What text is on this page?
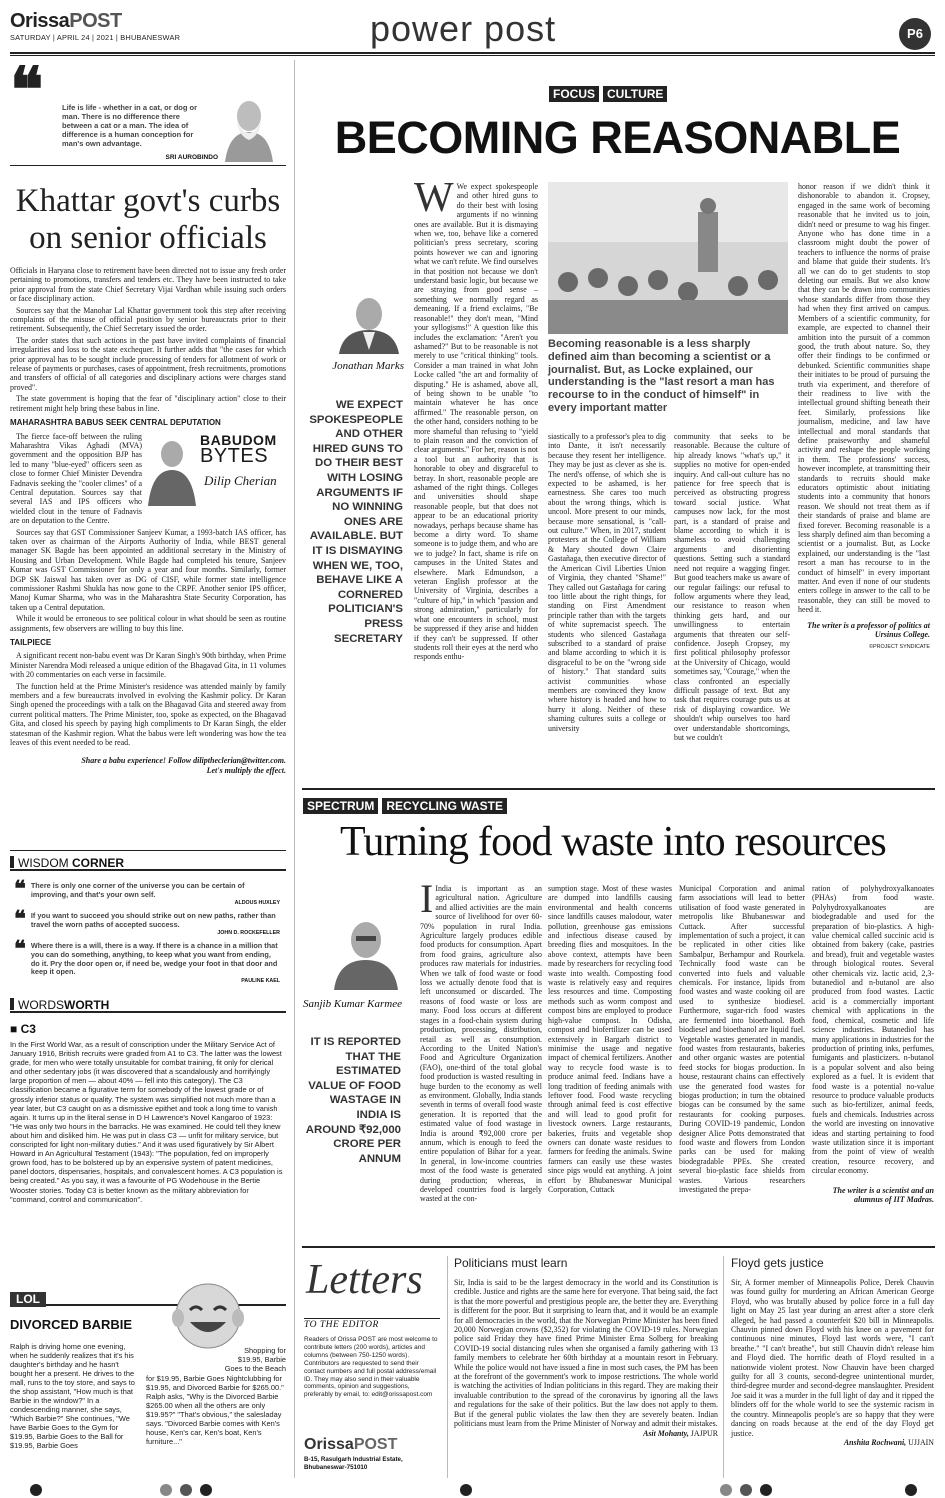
OrissaPOST
SATURDAY | APRIL 24 | 2021 | BHUBANESWAR	power post	P6
❝ Life is life - whether in a cat, or dog or man. There is no difference there between a cat or a man. The idea of difference is a human conception for man's own advantage.
SRI AUROBINDO
Khattar govt's curbs on senior officials

Officials in Haryana close to retirement have been directed not to issue any fresh order pertaining to promotions, transfers and tenders etc. They have been instructed to take prior approval from the state Chief Secretary Vijai Vardhan while issuing such orders or face disciplinary action.

Sources say that the Manohar Lal Khattar government took this step after receiving complaints of the misuse of official position by senior bureaucrats prior to their retirement. Subsequently, the Chief Secretary issued the order.

The order states that such actions in the past have invited complaints of financial irregularities and loss to the state exchequer. It further adds that "the cases for which prior approval has to be sought include processing of tenders for allotment of work or release of payments or purchases, cases of appointment, fresh recruitments, promotions and transfers of official of all categories and disciplinary actions were charges stand proved".

The state government is hoping that the fear of "disciplinary action" close to their retirement might help bring these babus in line.

MAHARASHTRA BABUS SEEK CENTRAL DEPUTATION
BABUDOM
BYTES
Dilip Cherian

The fierce face-off between the ruling Maharashtra Vikas Aghadi (MVA) government and the opposition BJP has led to many "blue-eyed" officers seen as close to former Chief Minister Devendra Fadnavis seeking the "cooler climes" of a Central deputation. Sources say that several IAS and IPS officers who wielded clout in the tenure of Fadnavis are on deputation to the Centre.

Sources say that GST Commissioner Sanjeev Kumar, a 1993-batch IAS officer, has taken over as chairman of the Airports Authority of India, while BEST general manager SK Bagde has been appointed an additional secretary in the Ministry of Housing and Urban Development. While Bagde had completed his tenure, Sanjeev Kumar was GST Commissioner for only a year and four months. Similarly, former DGP SK Jaiswal has taken over as DG of CISF, while former state intelligence commissioner Rashmi Shukla has now gone to the CRPF. Another senior IPS officer, Manoj Kumar Sharma, who was in the Maharashtra State Security Corporation, has taken up a Central deputation.

While it would be erroneous to see political colour in what should be seen as routine assignments, few observers are willing to buy this line.

TAILPIECE

A significant recent non-babu event was Dr Karan Singh's 90th birthday, when Prime Minister Narendra Modi released a unique edition of the Bhagavad Gita, in 11 volumes with 20 commentaries on each verse in facsimile.

The function held at the Prime Minister's residence was attended mainly by family members and a few bureaucrats involved in evolving the Kashmir policy. Dr Karan Singh opened the proceedings with a talk on the Bhagavad Gita and steered away from current political matters. The Prime Minister, too, spoke as expected, on the Bhagavad Gita, and closed his speech by paying high compliments to Dr Karan Singh, the elder statesman of the Kashmir region. What the babus were left wondering was how the tea leaves of this event needed to be read.

Share a babu experience! Follow diliptheclerian@twitter.com.
Let's multiply the effect.
WISDOM CORNER
❝ There is only one corner of the universe you can be certain of improving, and that's your own self.
ALDOUS HUXLEY
❝ If you want to succeed you should strike out on new paths, rather than travel the worn paths of accepted success.
JOHN D. ROCKEFELLER
❝ Where there is a will, there is a way. If there is a chance in a million that you can do something, anything, to keep what you want from ending, do it. Pry the door open or, if need be, wedge your foot in that door and keep it open.
PAULINE KAEL
WORDSWORTH
■ C3
In the First World War, as a result of conscription under the Military Service Act of January 1916, British recruits were graded from A1 to C3. The latter was the lowest grade, for men who were totally unsuitable for combat training, fit only for clerical and other sedentary jobs (it was discovered that a scandalously and horrifyingly large proportion of men — about 40% — fell into this category). The C3 classification became a figurative term for somebody of the lowest grade or of grossly inferior status or quality. The system was simplified not much more than a year later, but C3 caught on as a dismissive epithet and took a long time to vanish again. It turns up in the literal sense in D H Lawrence's Novel Kangaroo of 1923: "He was only two hours in the barracks. He was examined. He could tell they knew about him and disliked him. He was put in class C3 — unfit for military service, but conscripted for light non-military duties." And it was used figuratively by Sir Albert Howard in An Agricultural Testament (1943): "The population, fed on improperly grown food, has to be bolstered up by an expensive system of patent medicines, panel doctors, dispensaries, hospitals, and convalescent homes. A C3 population is being created." As you say, it was a favourite of PG Wodehouse in the Bertie Wooster stories. Today C3 is better known as the military abbreviation for "command, control and communication".
LOL
DIVORCED BARBIE
Ralph is driving home one evening, when he suddenly realizes that it's his daughter's birthday and he hasn't bought her a present. He drives to the mall, runs to the toy store, and says to the shop assistant, "How much is that Barbie in the window?" In a condescending manner, she says, "Which Barbie?" She continues, "We have Barbie Goes to the Gym for $19.95, Barbie Goes to the Ball for $19.95, Barbie Goes
Shopping for $19.95, Barbie Goes to the Beach
for $19.95, Barbie Goes Nightclubbing for $19.95, and Divorced Barbie for $265.00." Ralph asks, "Why is the Divorced Barbie $265.00 when all the others are only $19.95?" "That's obvious," the salesladay says. "Divorced Barbie comes with Ken's house, Ken's car, Ken's boat, Ken's furniture..."
FOCUS CULTURE
BECOMING REASONABLE
Jonathan Marks
WE EXPECT SPOKESPEOPLE AND OTHER HIRED GUNS TO DO THEIR BEST WITH LOSING ARGUMENTS IF NO WINNING ONES ARE AVAILABLE. BUT IT IS DISMAYING WHEN WE, TOO, BEHAVE LIKE A CORNERED POLITICIAN'S PRESS SECRETARY
W We expect spokespeople and other hired guns to do their best with losing arguments if no winning ones are available. But it is dismaying when we, too, behave like a cornered politician's press secretary, scoring points however we can and ignoring what we can't refute. We find ourselves in that position not because we don't understand basic logic, but because we are straying from good sense – something we normally regard as demeaning. If a friend exclaims, "Be reasonable!" they don't mean, "Mind your syllogisms!" A question like this includes the exclamation: "Aren't you ashamed?" But to be reasonable is not merely to use "critical thinking" tools. Consider a man trained in what John Locke called "the art and formality of disputing." He is ashamed, above all, of being shown to be unable "to maintain whatever he has once affirmed." The reasonable person, on the other hand, considers nothing to be more shameful than refusing to "yield to plain reason and the conviction of clear arguments." For her, reason is not a tool but an authority that is honorable to obey and disgraceful to betray. In short, reasonable people are ashamed of the right things. Colleges and universities should shape reasonable people, but that does not appear to be an educational priority nowadays, perhaps because shame has become a dirty word. To shame someone is to judge them, and who are we to judge? In fact, shame is rife on campuses in the United States and elsewhere. Mark Edmundson, a veteran English professor at the University of Virginia, describes a "culture of hip," in which "passion and strong admiration," particularly for what one encounters in school, must be suppressed if they arise and hidden if they can't be suppressed. If other students roll their eyes at the nerd who responds enthu-
Becoming reasonable is a less sharply defined aim than becoming a scientist or a journalist. But, as Locke explained, our understanding is the "last resort a man has recourse to in the conduct of himself" in every important matter
siastically to a professor's plea to dig into Dante, it isn't necessarily because they resent her intelligence. They may be just as clever as she is. The nerd's offense, of which she is expected to be ashamed, is her earnestness. She cares too much about the wrong things, which is uncool. More present to our minds, because more sensational, is "call-out culture." When, in 2017, student protesters at the College of William & Mary shouted down Claire Gastañaga, then executive director of the American Civil Liberties Union of Virginia, they chanted "Shame!" They called out Gastañaga for caring too little about the right things, for standing on First Amendment principle rather than with the targets of white supremacist speech. The students who silenced Gastañaga subscribed to a standard of praise and blame according to which it is disgraceful to be on the "wrong side of history." That standard suits activist communities whose members are convinced they know where history is headed and how to hurry it along. Neither of these shaming cultures suits a college or university
community that seeks to be reasonable. Because the culture of hip already knows "what's up," it supplies no motive for open-ended inquiry. And call-out culture has no patience for free speech that is perceived as obstructing progress toward social justice. What campuses now lack, for the most part, is a standard of praise and blame according to which it is shameless to avoid challenging arguments and disorienting questions. Setting such a standard need not require a wagging finger. But good teachers make us aware of our regular failings: our refusal to follow arguments where they lead, our resistance to reason when thinking gets hard, and our unwillingness to entertain arguments that threaten our self-confidence. Joseph Cropsey, my first political philosophy professor at the University of Chicago, would sometimes say, "Courage," when the class confronted an especially difficult passage of text. But any task that requires courage puts us at risk of displaying cowardice. We shouldn't whip ourselves too hard over understandable shortcomings, but we couldn't
honor reason if we didn't think it dishonorable to abandon it. Cropsey, engaged in the same work of becoming reasonable that he invited us to join, didn't need or presume to wag his finger. Anyone who has done time in a classroom might doubt the power of teachers to influence the norms of praise and blame that guide their students. It's all we can do to get students to stop deleting our emails. But we also know that they can be drawn into communities whose standards differ from those they had when they first arrived on campus. Members of a scientific community, for example, are expected to channel their ambition into the pursuit of a common good, the truth about nature. So, they offer their findings to be confirmed or debunked. Scientific communities shape their initiates to be proud of pursuing the truth via experiment, and therefore of their readiness to live with the intellectual ground shifting beneath their feet. Similarly, professions like journalism, medicine, and law have intellectual and moral standards that define praiseworthy and shameful activity and reshape the people working in them. The professions' success, however incomplete, at transmitting their standards to recruits should make educators optimistic about initiating students into a community that honors reason. We should not treat them as if their standards of praise and blame are fixed forever. Becoming reasonable is a less sharply defined aim than becoming a scientist or a journalist. But, as Locke explained, our understanding is the "last resort a man has recourse to in the conduct of himself" in every important matter. And even if none of our students enters college in answer to the call to be reasonable, they can still be moved to heed it.
The writer is a professor of politics at Ursinus College.
©PROJECT SYNDICATE
SPECTRUM RECYCLING WASTE
Turning food waste into resources
Sanjib Kumar Karmee
IT IS REPORTED THAT THE ESTIMATED VALUE OF FOOD WASTAGE IN INDIA IS AROUND ₹92,000 CRORE PER ANNUM
I India is important as an agricultural nation. Agriculture and allied activities are the main source of livelihood for over 60-70% population in rural India. Agriculture largely produces edible food products for consumption. Apart from food grains, agriculture also produces raw materials for industries. When we talk of food waste or food loss we actually denote food that is left unconsumed or discarded. The reasons of food waste or loss are many. Food loss occurs at different stages in a food-chain system during production, processing, distribution, retail as well as consumption. According to the United Nation's Food and Agriculture Organization (FAO), one-third of the total global food production is wasted resulting in huge burden to the economy as well as environment. Globally, India stands seventh in terms of overall food waste generation. It is reported that the estimated value of food wastage in India is around ₹92,000 crore per annum, which is enough to feed the entire population of Bihar for a year. In general, in low-income countries most of the food waste is generated during production; whereas, in developed countries food is largely wasted at the con-
sumption stage. Most of these wastes are dumped into landfills causing environmental and health concerns since landfills causes malodour, water pollution, greenhouse gas emissions and infectious disease caused by breeding flies and mosquitoes. In the above context, attempts have been made by researchers for recycling food waste into wealth. Composting food waste is relatively easy and requires less resources and time. Composting methods such as worm compost and compost bins are employed to produce high-value compost. In Odisha, compost and biofertilizer can be used extensively in Bargarh district to minimise the usage and negative impact of chemical fertilizers. Another way to recycle food waste is to produce animal feed. Indians have a long tradition of feeding animals with leftover food. Food waste recycling through animal feed is cost effective and will lead to good profit for livestock owners. Large restaurants, bakeries, fruits and vegetable shop owners can donate waste residues to farmers for feeding the animals. Swine farmers can easily use these wastes since pigs would eat anything. A joint effort by Bhubaneswar Municipal Corporation, Cuttack
Municipal Corporation and animal farm associations will lead to better utilisation of food waste generated in metropolis like Bhubaneswar and Cuttack. After successful implementation of such a project, it can be replicated in other cities like Sambalpur, Berhampur and Rourkela. Technically food waste can be converted into fuels and valuable chemicals. For instance, lipids from food wastes and waste cooking oil are used to synthesize biodiesel. Furthermore, sugar-rich food wastes are fermented into bioethanol. Both biodiesel and bioethanol are liquid fuel. Vegetable wastes generated in mandis, food wastes from restaurants, bakeries and other organic wastes are potential feed stocks for biogas production. In house, restaurant chains can effectively use the generated food wastes for biogas production; in turn the obtained biogas can be consumed by the same restaurants for cooking purposes. During COVID-19 pandemic, London designer Alice Potts demonstrated that food waste and flowers from London parks can be used for making biodegradable PPEs. She created several bio-plastic face shields from wastes. Various researchers investigated the prepa-
ration of polyhydroxyalkanoates (PHAs) from food waste. Polyhydroxyalkanoates are biodegradable and used for the preparation of bio-plastics. A high-value chemical called succinic acid is obtained from bakery (cake, pastries and bread), fruit and vegetable wastes through biological routes. Several other chemicals viz. lactic acid, 2,3-butanediol and n-butanol are also produced from food wastes. Lactic acid is a commercially important chemical with applications in the food, chemical, cosmetic and life science industries. Butanediol has many applications in industries for the production of printing inks, perfumes, fumigants and plasticizers. n-butanol is a popular solvent and also being explored as a fuel. It is evident that food waste is a potential no-value resource to produce valuable products such as bio-fertilizer, animal feeds, fuels and chemicals. Industries across the world are investing on innovative ideas and starting pertaining to food waste utilization since it is important from the point of view of wealth creation, resource recovery, and circular economy.
The writer is a scientist and an alumnus of IIT Madras.
Letters
TO THE EDITOR
Readers of Orissa POST are most welcome to contribute letters (200 words), articles and columns (between 750-1250 words). Contributors are requested to send their contact numbers and full postal address/email ID. They may also send in their valuable comments, opinion and suggestions, preferably by email, to: edit@orissapost.com
OrissaPOST
B-15, Rasulgarh Industrial Estate, Bhubaneswar-751010
Politicians must learn
Sir, India is said to be the largest democracy in the world and its Constitution is credible. Justice and rights are the same here for everyone. That being said, the fact is that the more powerful and prestigious people are, the better they are. Everything is different for the poor. But it surprising to learn that, and it would be an example for all democracies in the world, that the Norwegian Prime Minister has been fined 20,000 Norwegian crowns ($2,352) for violating the COVID-19 rules. Norwegian police said Friday they have fined Prime Minister Erna Solberg for breaking COVID-19 social distancing rules when she organised a family gathering with 13 family members to celebrate her 60th birthday at a mountain resort in February. While the police would not have issued a fine in most such cases, the PM has been at the forefront of the government's work to impose restrictions. The whole world is watching the activities of Indian politicians in this regard. They are making their invaluable contribution to the spread of the coronavirus by ignoring all the laws and regulations for the sake of their politics. But the law does not apply to them. But if the general public violates the law then they are severely beaten. Indian politicians must learn from the Prime Minister of Norway and admit their mistakes.
Asit Mohanty, JAJPUR
Floyd gets justice
Sir, A former member of Minneapolis Police, Derek Chauvin was found guilty for murdering an African American George Floyd, who was brutally abused by police force in a full day light on May 25 last year during an arrest after a store clerk alleged, he had passed a counterfeit $20 bill in Minneapolis. Chauvin pinned down Floyd with his knee on a pavement for continuous nine minutes, Floyd last words were, "I can't breathe." "I can't breathe", but still Chauvin didn't release him and Floyd died. The horrific death of Floyd resulted in a nationwide violent protest. Now Chauvin have been charged guilty for all 3 counts, second-degree unintentional murder, third-degree murder and second-degree manslaughter. President Joe said it was a murder in the full light of day and it ripped the blinders off for the whole world to see the systemic racism in the country. Minneapolis people's are so happy that they were dancing on roads because at the end of the day Floyd get justice.
Anshita Rochwani, UJJAIN
